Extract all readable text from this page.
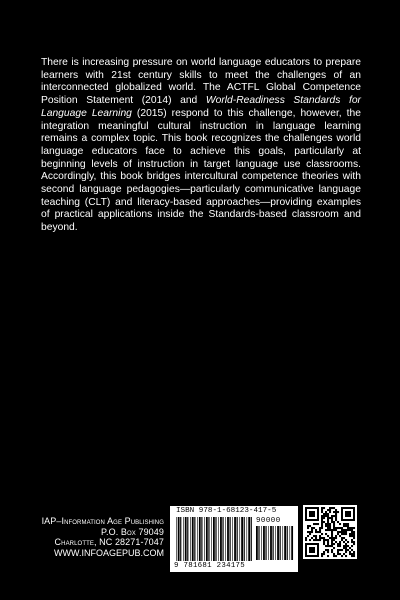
There is increasing pressure on world language educators to prepare learners with 21st century skills to meet the challenges of an interconnected globalized world. The ACTFL Global Competence Position Statement (2014) and World-Readiness Standards for Language Learning (2015) respond to this challenge, however, the integration meaningful cultural instruction in language learning remains a complex topic. This book recognizes the challenges world language educators face to achieve this goals, particularly at beginning levels of instruction in target language use classrooms. Accordingly, this book bridges intercultural competence theories with second language pedagogies—particularly communicative language teaching (CLT) and literacy-based approaches—providing examples of practical applications inside the Standards-based classroom and beyond.

IAP–Information Age Publishing
P.O. Box 79049
Charlotte, NC 28271-7047
WWW.INFOAGEPUB.COM
ISBN 978-1-68123-417-5
90000
9 781681 234175
